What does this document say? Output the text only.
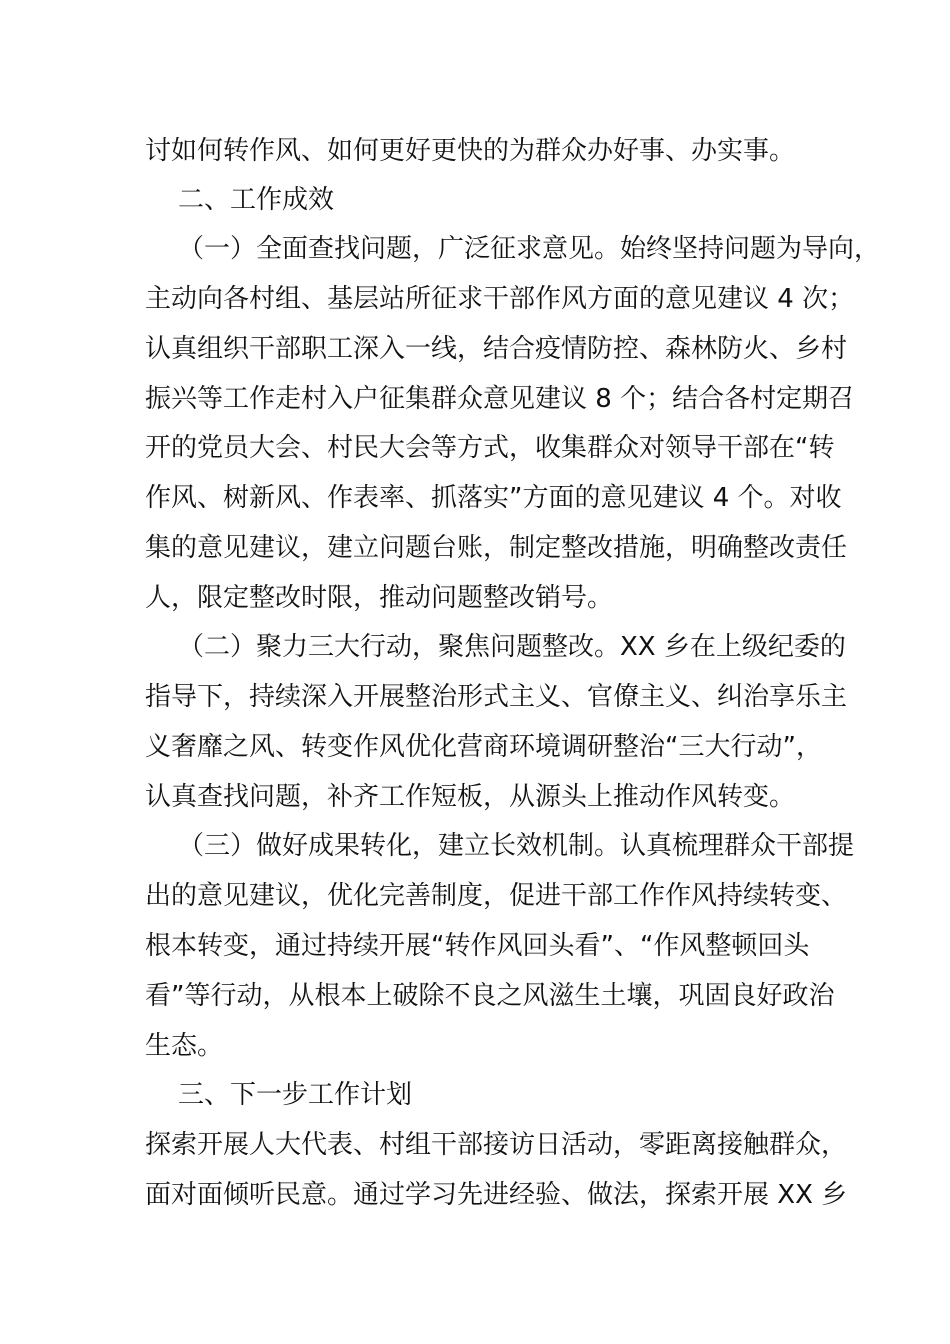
讨如何转作风、如何更好更快的为群众办好事、办实事。
二、工作成效
（一）全面查找问题，广泛征求意见。始终坚持问题为导向，
主动向各村组、基层站所征求干部作风方面的意见建议 4 次；
认真组织干部职工深入一线，结合疫情防控、森林防火、乡村
振兴等工作走村入户征集群众意见建议 8 个；结合各村定期召
开的党员大会、村民大会等方式，收集群众对领导干部在“转
作风、树新风、作表率、抓落实”方面的意见建议 4 个。对收
集的意见建议，建立问题台账，制定整改措施，明确整改责任
人，限定整改时限，推动问题整改销号。
（二）聚力三大行动，聚焦问题整改。XX 乡在上级纪委的
指导下，持续深入开展整治形式主义、官僚主义、纠治享乐主
义奢靡之风、转变作风优化营商环境调研整治“三大行动”，
认真查找问题，补齐工作短板，从源头上推动作风转变。
（三）做好成果转化，建立长效机制。认真梳理群众干部提
出的意见建议，优化完善制度，促进干部工作作风持续转变、
根本转变，通过持续开展“转作风回头看”、“作风整顿回头
看”等行动，从根本上破除不良之风滋生土壤，巩固良好政治
生态。
三、下一步工作计划
探索开展人大代表、村组干部接访日活动，零距离接触群众，
面对面倾听民意。通过学习先进经验、做法，探索开展 XX 乡
